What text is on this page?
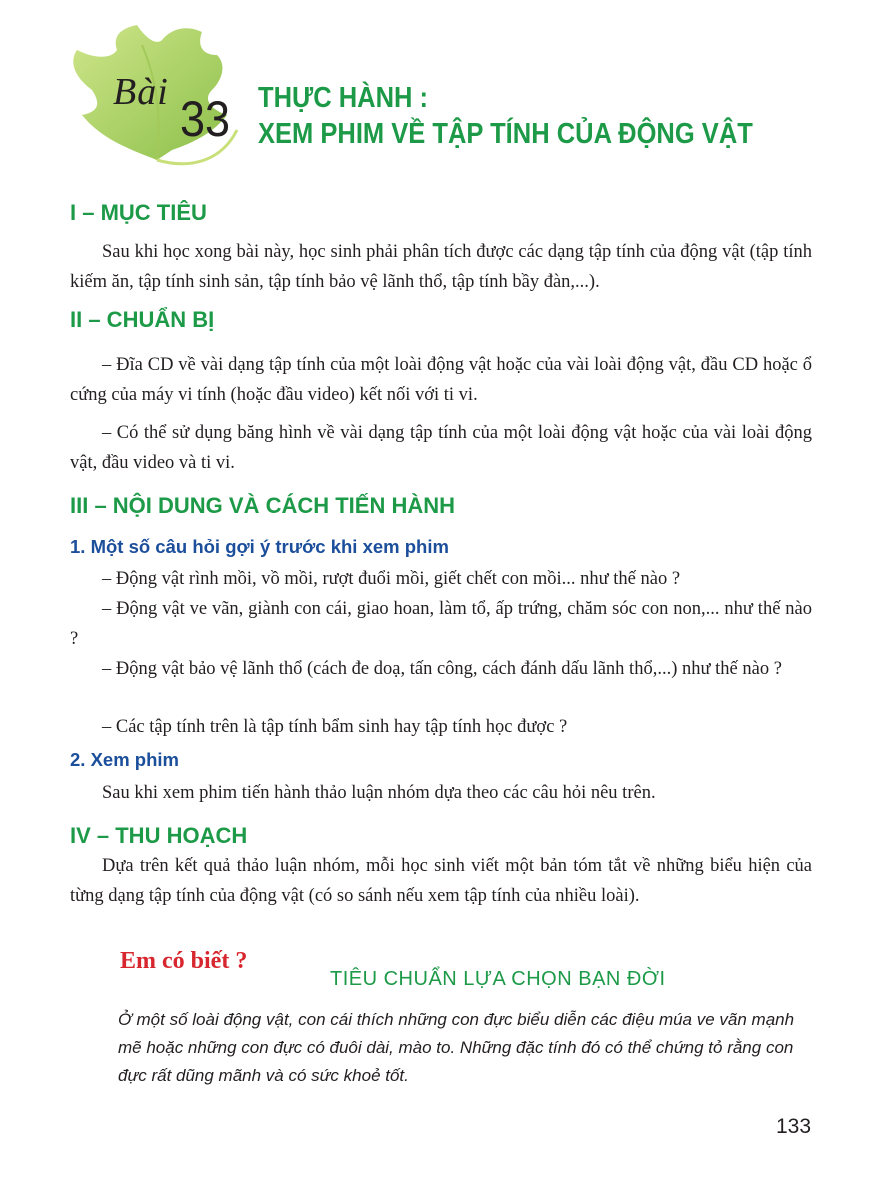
Bài 33 THỰC HÀNH :
XEM PHIM VỀ TẬP TÍNH CỦA ĐỘNG VẬT
I – MỤC TIÊU

Sau khi học xong bài này, học sinh phải phân tích được các dạng tập tính của động vật (tập tính kiếm ăn, tập tính sinh sản, tập tính bảo vệ lãnh thổ, tập tính bầy đàn,...).

II – CHUẨN BỊ

– Đĩa CD về vài dạng tập tính của một loài động vật hoặc của vài loài động vật, đầu CD hoặc ổ cứng của máy vi tính (hoặc đầu video) kết nối với ti vi.

– Có thể sử dụng băng hình về vài dạng tập tính của một loài động vật hoặc của vài loài động vật, đầu video và ti vi.

III – NỘI DUNG VÀ CÁCH TIẾN HÀNH
1. Một số câu hỏi gợi ý trước khi xem phim

– Động vật rình mồi, vồ mồi, rượt đuổi mồi, giết chết con mồi... như thế nào ?

– Động vật ve vãn, giành con cái, giao hoan, làm tổ, ấp trứng, chăm sóc con non,... như thế nào ?

– Động vật bảo vệ lãnh thổ (cách đe doạ, tấn công, cách đánh dấu lãnh thổ,...) như thế nào ?

– Các tập tính trên là tập tính bẩm sinh hay tập tính học được ?

2. Xem phim

Sau khi xem phim tiến hành thảo luận nhóm dựa theo các câu hỏi nêu trên.

IV – THU HOẠCH

Dựa trên kết quả thảo luận nhóm, mỗi học sinh viết một bản tóm tắt về những biểu hiện của từng dạng tập tính của động vật (có so sánh nếu xem tập tính của nhiều loài).

Em có biết ?
TIÊU CHUẨN LỰA CHỌN BẠN ĐỜI

Ở một số loài động vật, con cái thích những con đực biểu diễn các điệu múa ve vãn mạnh mẽ hoặc những con đực có đuôi dài, mào to. Những đặc tính đó có thể chứng tỏ rằng con đực rất dũng mãnh và có sức khoẻ tốt.

133
